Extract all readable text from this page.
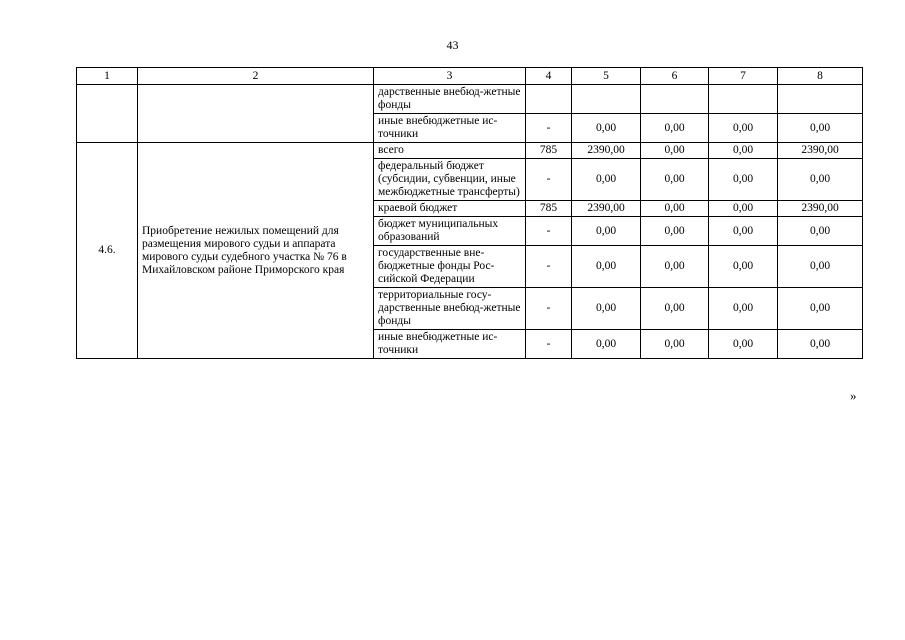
43
1	2	3	4	5	6	7	8
		дарственные внебюд-жетные фонды					
		иные внебюджетные ис-точники	-	0,00	0,00	0,00	0,00
4.6.	Приобретение нежилых помещений для размещения мирового судьи и аппарата мирового судьи судебного участка № 76 в Михайловском районе Приморского края	всего	785	2390,00	0,00	0,00	2390,00
		федеральный бюджет (субсидии, субвенции, иные межбюджетные трансферты)	-	0,00	0,00	0,00	0,00
		краевой бюджет	785	2390,00	0,00	0,00	2390,00
		бюджет муниципальных образований	-	0,00	0,00	0,00	0,00
		государственные вне-бюджетные фонды Рос-сийской Федерации	-	0,00	0,00	0,00	0,00
		территориальные госу-дарственные внебюд-жетные фонды	-	0,00	0,00	0,00	0,00
		иные внебюджетные ис-точники	-	0,00	0,00	0,00	0,00
»
